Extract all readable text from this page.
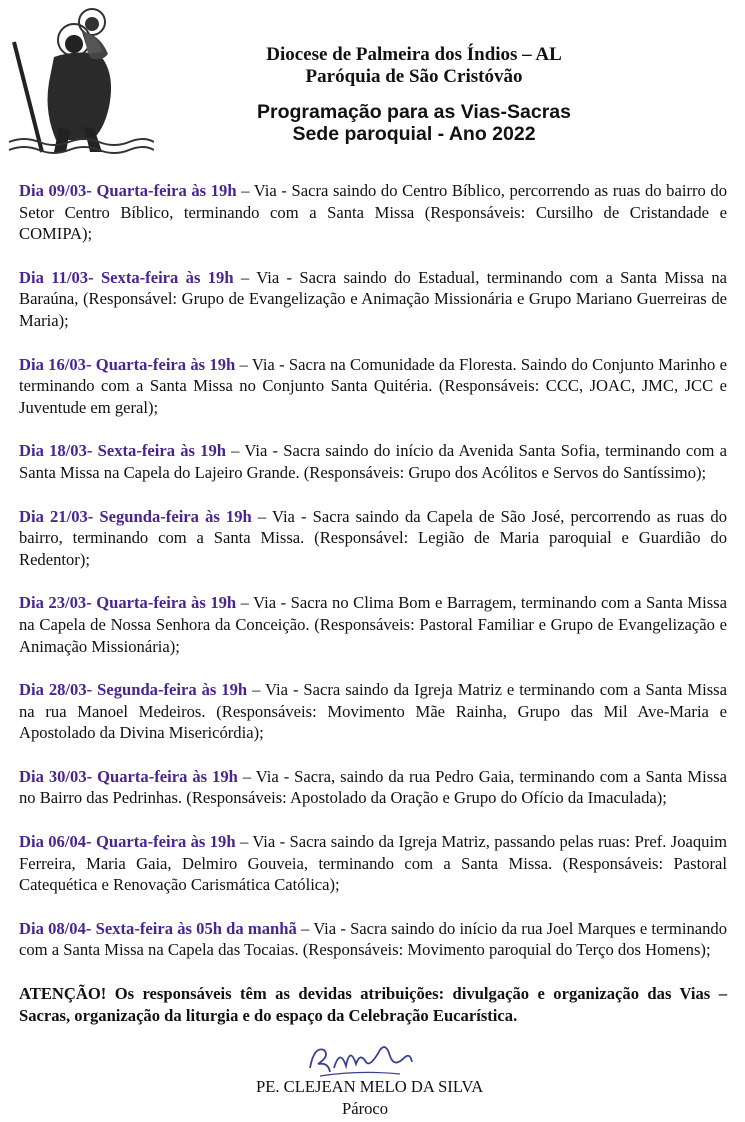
Diocese de Palmeira dos Índios – AL

Paróquia de São Cristóvão

Programação para as Vias-Sacras

Sede paroquial - Ano 2022

Dia 09/03- Quarta-feira às 19h – Via - Sacra saindo do Centro Bíblico, percorrendo as ruas do bairro do Setor Centro Bíblico, terminando com a Santa Missa (Responsáveis: Cursilho de Cristandade e COMIPA);

Dia 11/03- Sexta-feira às 19h – Via - Sacra saindo do Estadual, terminando com a Santa Missa na Baraúna, (Responsável: Grupo de Evangelização e Animação Missionária e Grupo Mariano Guerreiras de Maria);

Dia 16/03- Quarta-feira às 19h – Via - Sacra na Comunidade da Floresta. Saindo do Conjunto Marinho e terminando com a Santa Missa no Conjunto Santa Quitéria. (Responsáveis: CCC, JOAC, JMC, JCC e Juventude em geral);

Dia 18/03- Sexta-feira às 19h – Via - Sacra saindo do início da Avenida Santa Sofia, terminando com a Santa Missa na Capela do Lajeiro Grande. (Responsáveis: Grupo dos Acólitos e Servos do Santíssimo);

Dia 21/03- Segunda-feira às 19h – Via - Sacra saindo da Capela de São José, percorrendo as ruas do bairro, terminando com a Santa Missa. (Responsável: Legião de Maria paroquial e Guardião do Redentor);

Dia 23/03- Quarta-feira às 19h – Via - Sacra no Clima Bom e Barragem, terminando com a Santa Missa na Capela de Nossa Senhora da Conceição. (Responsáveis: Pastoral Familiar e Grupo de Evangelização e Animação Missionária);

Dia 28/03- Segunda-feira às 19h – Via - Sacra saindo da Igreja Matriz e terminando com a Santa Missa na rua Manoel Medeiros. (Responsáveis: Movimento Mãe Rainha, Grupo das Mil Ave-Maria e Apostolado da Divina Misericórdia);

Dia 30/03- Quarta-feira às 19h – Via - Sacra, saindo da rua Pedro Gaia, terminando com a Santa Missa no Bairro das Pedrinhas. (Responsáveis: Apostolado da Oração e Grupo do Ofício da Imaculada);

Dia 06/04- Quarta-feira às 19h – Via - Sacra saindo da Igreja Matriz, passando pelas ruas: Pref. Joaquim Ferreira, Maria Gaia, Delmiro Gouveia, terminando com a Santa Missa. (Responsáveis: Pastoral Catequética e Renovação Carismática Católica);

Dia 08/04- Sexta-feira às 05h da manhã – Via - Sacra saindo do início da rua Joel Marques e terminando com a Santa Missa na Capela das Tocaias. (Responsáveis: Movimento paroquial do Terço dos Homens);

ATENÇÃO! Os responsáveis têm as devidas atribuições: divulgação e organização das Vias – Sacras, organização da liturgia e do espaço da Celebração Eucarística.

PE. CLEJEAN MELO DA SILVA
Pároco
